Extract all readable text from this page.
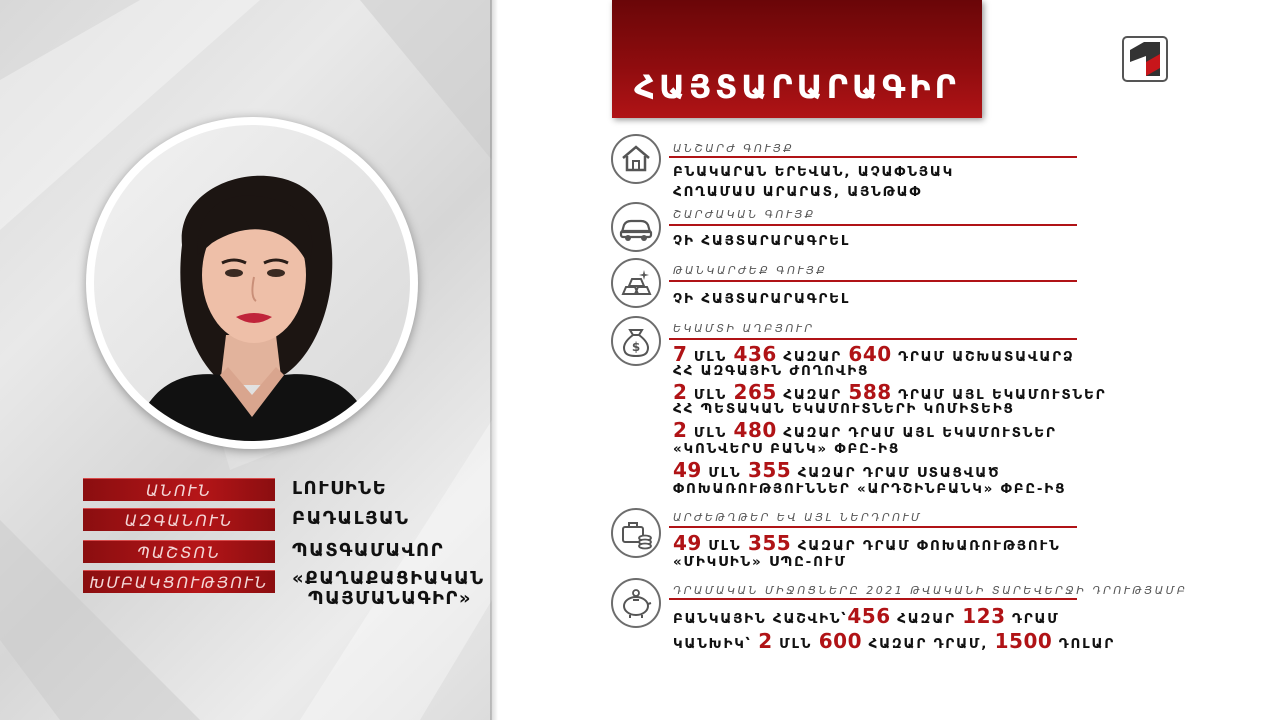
ԱՆՈՒՆ	ԼՈՒՍԻՆԵ
ԱԶԳԱՆՈՒՆ	ԲԱԴԱԼՅԱՆ
ՊԱՇՏՈՆ	ՊԱՏԳԱՄԱՎՈՐ
ԽՄԲԱԿՑՈՒԹՅՈՒՆ	«ՔԱՂԱՔԱՑԻԱԿԱՆ
ՊԱՅՄԱՆԱԳԻՐ»
ՀԱՅՏԱՐԱՐԱԳԻՐ
ԱՆՇԱՐԺ ԳՈՒՅՔ
ԲՆԱԿԱՐԱՆ ԵՐԵՎԱՆ, ԱՉԱՓՆՅԱԿ
ՀՈՂԱՄԱՍ ԱՐԱՐԱՏ, ԱՅՆԹԱՓ
ՇԱՐԺԱԿԱՆ ԳՈՒՅՔ
ՉԻ ՀԱՅՏԱՐԱՐԱԳՐԵԼ
ԹԱՆԿԱՐԺԵՔ ԳՈՒՅՔ
ՉԻ ՀԱՅՏԱՐԱՐԱԳՐԵԼ
$
ԵԿԱՄՏԻ ԱՂԲՅՈՒՐ
7 ՄԼՆ 436 ՀԱԶԱՐ 640 ԴՐԱՄ ԱՇԽԱՏԱՎԱՐՁ
ՀՀ ԱԶԳԱՅԻՆ ԺՈՂՈՎԻՑ
2 ՄԼՆ 265 ՀԱԶԱՐ 588 ԴՐԱՄ ԱՅԼ ԵԿԱՄՈՒՏՆԵՐ
ՀՀ ՊԵՏԱԿԱՆ ԵԿԱՄՈՒՏՆԵՐԻ ԿՈՄԻՏԵԻՑ
2 ՄԼՆ 480 ՀԱԶԱՐ ԴՐԱՄ ԱՅԼ ԵԿԱՄՈՒՏՆԵՐ
«ԿՈՆՎԵՐՍ ԲԱՆԿ» ՓԲԸ-ԻՑ
49 ՄԼՆ 355 ՀԱԶԱՐ ԴՐԱՄ ՍՏԱՑՎԱԾ
ՓՈԽԱՌՈՒԹՅՈՒՆՆԵՐ «ԱՐԴՇԻՆԲԱՆԿ» ՓԲԸ-ԻՑ
ԱՐԺԵԹՂԹԵՐ ԵՎ ԱՅԼ ՆԵՐԴՐՈՒՄ
49 ՄԼՆ 355 ՀԱԶԱՐ ԴՐԱՄ ՓՈԽԱՌՈՒԹՅՈՒՆ
«ՄԻԿՍԻՆ» ՍՊԸ-ՈՒՄ
ԴՐԱՄԱԿԱՆ ՄԻՋՈՑՆԵՐԸ 2021 ԹՎԱԿԱՆԻ ՏԱՐԵՎԵՐՋԻ ԴՐՈՒԹՅԱՄԲ
ԲԱՆԿԱՅԻՆ ՀԱՇՎԻՆ՝456 ՀԱԶԱՐ 123 ԴՐԱՄ
ԿԱՆԽԻԿ՝ 2 ՄԼՆ 600 ՀԱԶԱՐ ԴՐԱՄ, 1500 ԴՈԼԱՐ
